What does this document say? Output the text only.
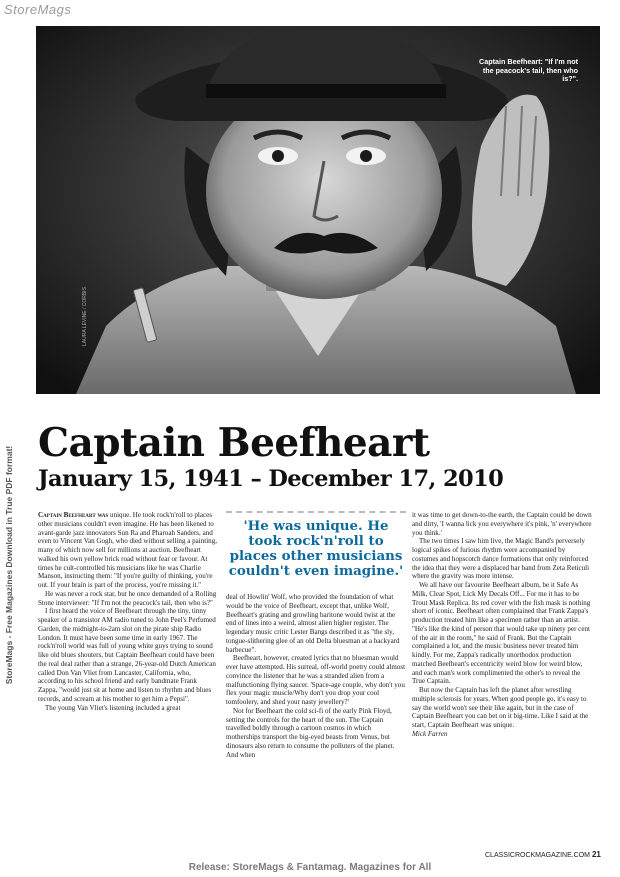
StoreMags
StoreMags - Free Magazines Download in True PDF format!
Captain Beefheart: "If I'm not the peacock's tail, then who is?".
LAURA LEVINE / CORBIS
Captain Beefheart
January 15, 1941 – December 17, 2010

Captain Beefheart was unique. He took rock'n'roll to places other musicians couldn't even imagine. He has been likened to avant-garde jazz innovators Sun Ra and Pharoah Sanders, and even to Vincent Van Gogh, who died without selling a painting, many of which now sell for millions at auction. Beefheart walked his own yellow brick road without fear or favour. At times he cult-controlled his musicians like he was Charlie Manson, instructing them: "If you're guilty of thinking, you're out. If your brain is part of the process, you're missing it."

He was never a rock star, but he once demanded of a Rolling Stone interviewer: "If I'm not the peacock's tail, then who is?"

I first heard the voice of Beefheart through the tiny, tinny speaker of a transistor AM radio tuned to John Peel's Perfumed Garden, the midnight-to-2am slot on the pirate ship Radio London. It must have been some time in early 1967. The rock'n'roll world was full of young white guys trying to sound like old blues shouters, but Captain Beefheart could have been the real deal rather than a strange, 26-year-old Dutch American called Don Van Vliet from Lancaster, California, who, according to his school friend and early bandmate Frank Zappa, "would just sit at home and listen to rhythm and blues records, and scream at his mother to get him a Pepsi".

The young Van Vliet's listening included a great

'He was unique. He took rock'n'roll to places other musicians couldn't even imagine.'

deal of Howlin' Wolf, who provided the foundation of what would be the voice of Beefheart, except that, unlike Wolf, Beefheart's grating and growling baritone would twist at the end of lines into a weird, almost alien higher register. The legendary music critic Lester Bangs described it as "the sly, tongue-slithering glee of an old Delta bluesman at a backyard barbecue".

Beefheart, however, created lyrics that no bluesman would ever have attempted. His surreal, off-world poetry could almost convince the listener that he was a stranded alien from a malfunctioning flying saucer. 'Space-age couple, why don't you flex your magic muscle/Why don't you drop your cool tomfoolery, and shed your nasty jewellery?'

Not for Beefheart the cold sci-fi of the early Pink Floyd, setting the controls for the heart of the sun. The Captain travelled boldly through a cartoon cosmos in which motherships transport the big-eyed beasts from Venus, but dinosaurs also return to consume the polluters of the planet. And when

it was time to get down-to-the earth, the Captain could be down and dirty, 'I wanna lick you everywhere it's pink, 'n' everywhere you think.'

The two times I saw him live, the Magic Band's perversely logical spikes of furious rhythm were accompanied by costumes and hopscotch dance formations that only reinforced the idea that they were a displaced bar band from Zeta Reticuli where the gravity was more intense.

We all have our favourite Beefheart album, be it Safe As Milk, Clear Spot, Lick My Decals Off... For me it has to be Trout Mask Replica. Its red cover with the fish mask is nothing short of iconic. Beefheart often complained that Frank Zappa's production treated him like a specimen rather than an artist. "He's like the kind of person that would take up ninety per cent of the air in the room," he said of Frank. But the Captain complained a lot, and the music business never treated him kindly. For me, Zappa's radically unorthodox production matched Beefheart's eccentricity weird blow for weird blow, and each man's work complimented the other's to reveal the True Captain.

But now the Captain has left the planet after wrestling multiple sclerosis for years. When good people go, it's easy to say the world won't see their like again, but in the case of Captain Beefheart you can bet on it big-time. Like I said at the start, Captain Beefheart was unique.

Mick Farren

CLASSICROCKMAGAZINE.COM 21
Release: StoreMags & Fantamag. Magazines for All
